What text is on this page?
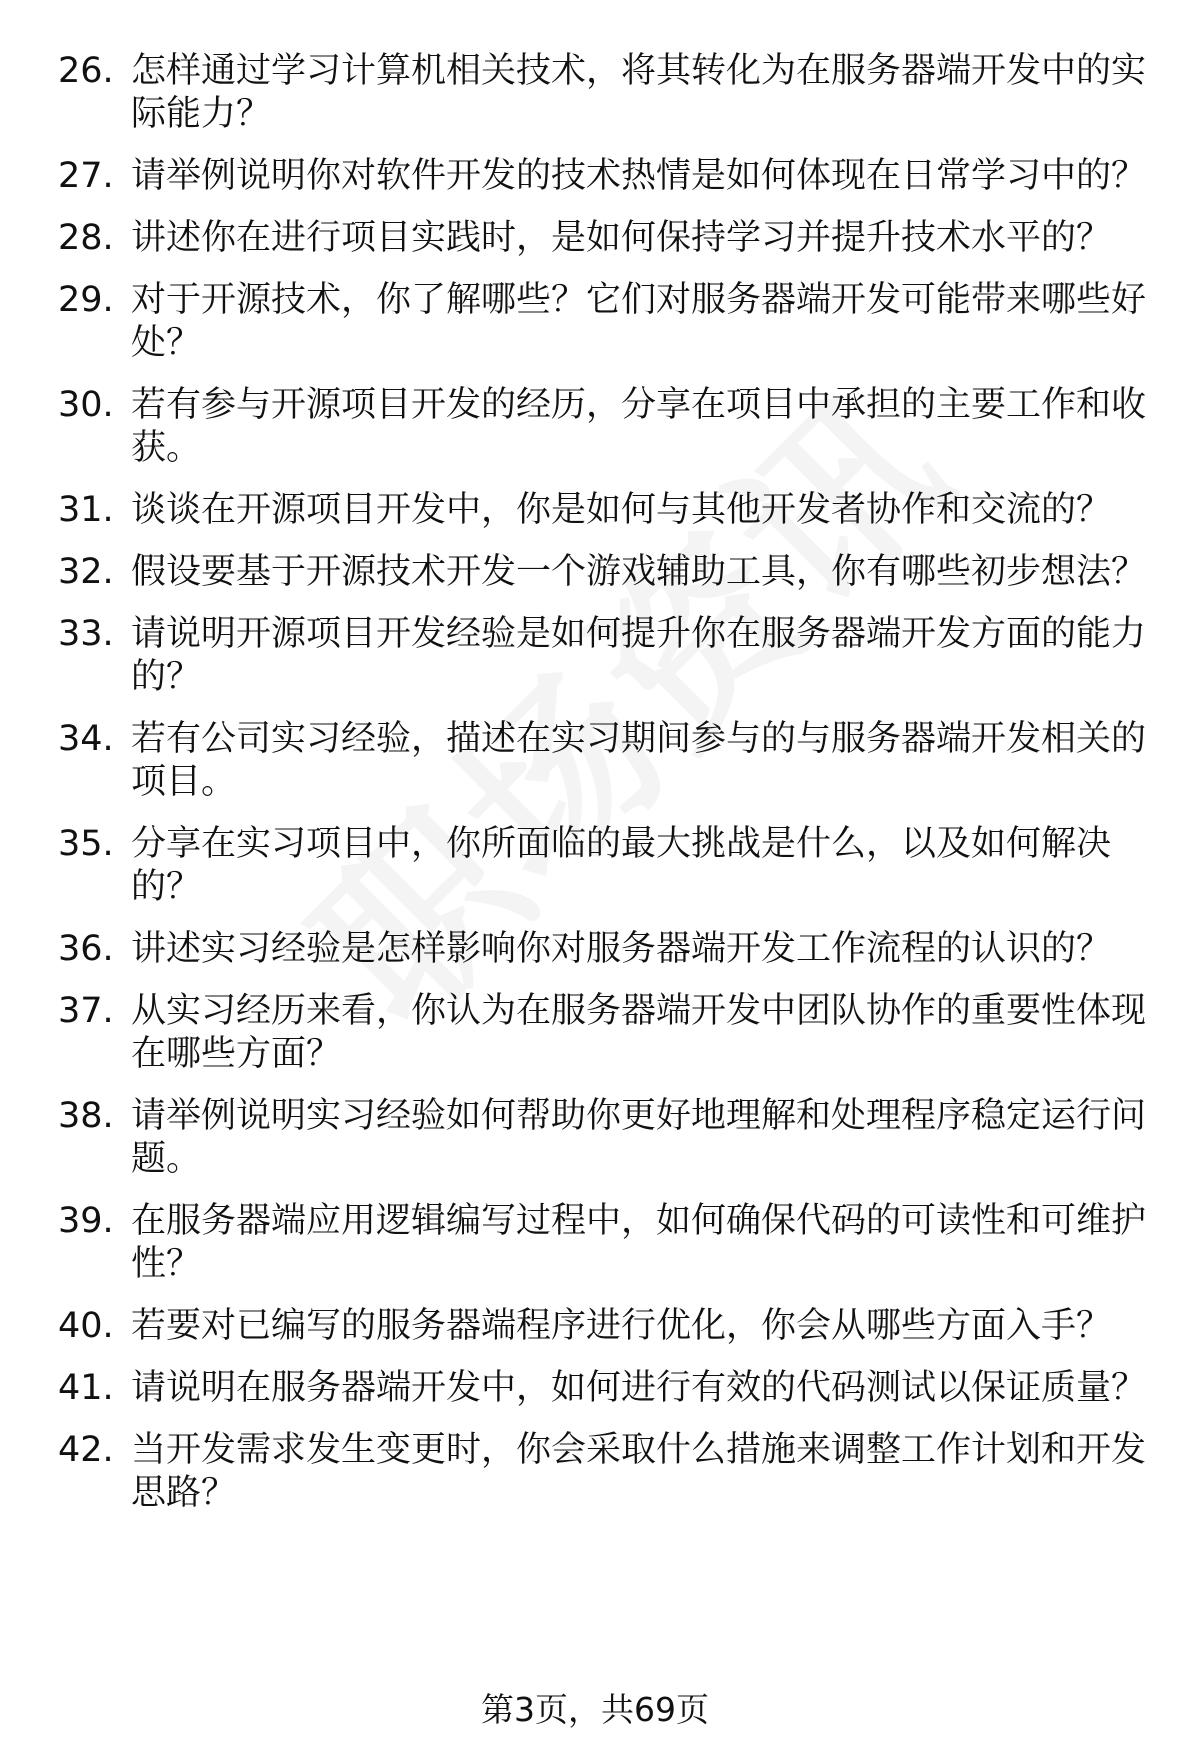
26. 怎样通过学习计算机相关技术，将其转化为在服务器端开发中的实际能力？
27. 请举例说明你对软件开发的技术热情是如何体现在日常学习中的？
28. 讲述你在进行项目实践时，是如何保持学习并提升技术水平的？
29. 对于开源技术，你了解哪些？它们对服务器端开发可能带来哪些好处？
30. 若有参与开源项目开发的经历，分享在项目中承担的主要工作和收获。
31. 谈谈在开源项目开发中，你是如何与其他开发者协作和交流的？
32. 假设要基于开源技术开发一个游戏辅助工具，你有哪些初步想法？
33. 请说明开源项目开发经验是如何提升你在服务器端开发方面的能力的？
34. 若有公司实习经验，描述在实习期间参与的与服务器端开发相关的项目。
35. 分享在实习项目中，你所面临的最大挑战是什么，以及如何解决的？
36. 讲述实习经验是怎样影响你对服务器端开发工作流程的认识的？
37. 从实习经历来看，你认为在服务器端开发中团队协作的重要性体现在哪些方面？
38. 请举例说明实习经验如何帮助你更好地理解和处理程序稳定运行问题。
39. 在服务器端应用逻辑编写过程中，如何确保代码的可读性和可维护性？
40. 若要对已编写的服务器端程序进行优化，你会从哪些方面入手？
41. 请说明在服务器端开发中，如何进行有效的代码测试以保证质量？
42. 当开发需求发生变更时，你会采取什么措施来调整工作计划和开发思路？
第3页，共69页
